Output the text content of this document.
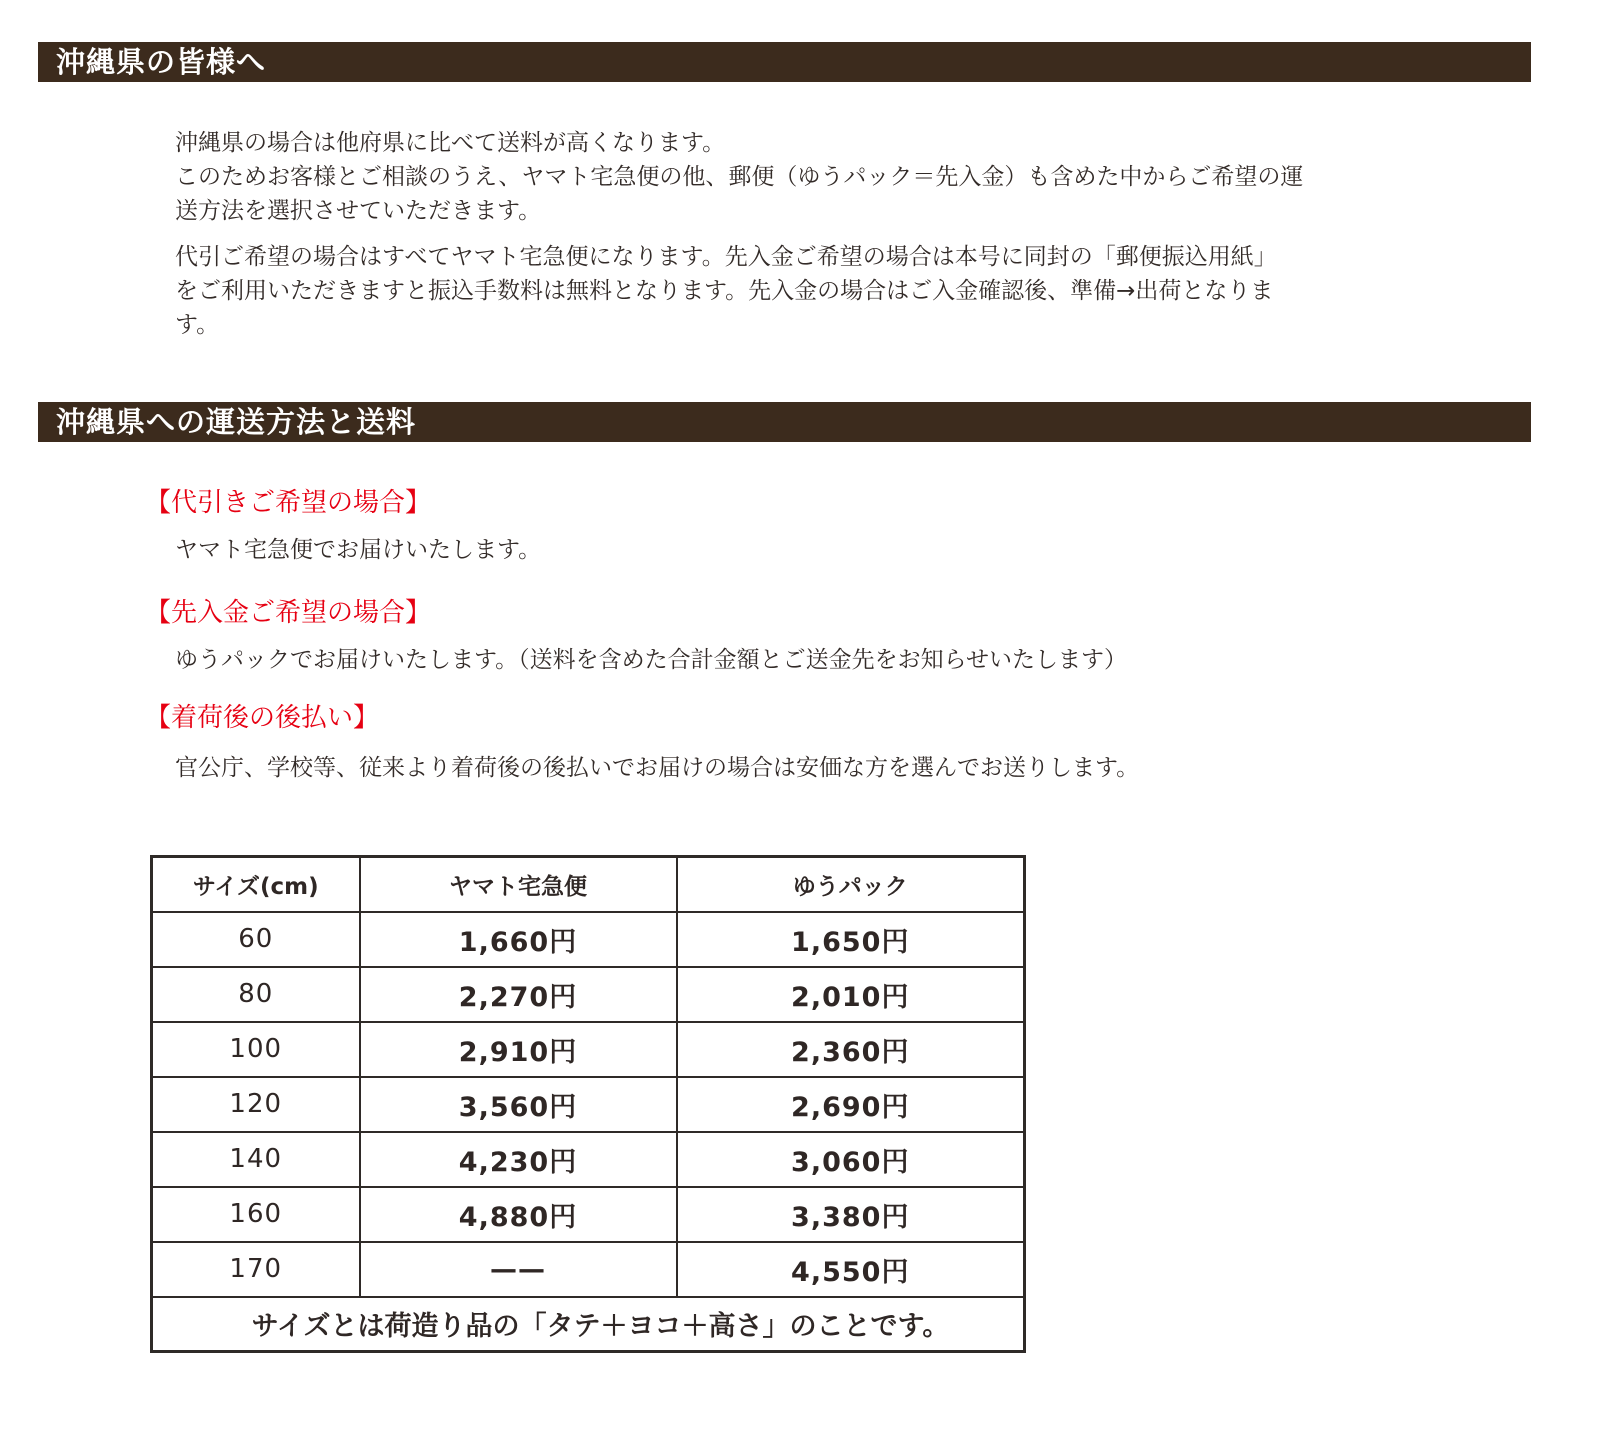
沖縄県の皆様へ
沖縄県の場合は他府県に比べて送料が高くなります。
このためお客様とご相談のうえ、ヤマト宅急便の他、郵便（ゆうパック＝先入金）も含めた中からご希望の運
送方法を選択させていただきます。
代引ご希望の場合はすべてヤマト宅急便になります。先入金ご希望の場合は本号に同封の「郵便振込用紙」
をご利用いただきますと振込手数料は無料となります。先入金の場合はご入金確認後、準備→出荷となりま
す。
沖縄県への運送方法と送料
【代引きご希望の場合】
ヤマト宅急便でお届けいたします。
【先入金ご希望の場合】
ゆうパックでお届けいたします。（送料を含めた合計金額とご送金先をお知らせいたします）
【着荷後の後払い】
官公庁、学校等、従来より着荷後の後払いでお届けの場合は安価な方を選んでお送りします。
サイズ(cm)	ヤマト宅急便	ゆうパック
60	1,660円	1,650円
80	2,270円	2,010円
100	2,910円	2,360円
120	3,560円	2,690円
140	4,230円	3,060円
160	4,880円	3,380円
170	——	4,550円
サイズとは荷造り品の「タテ＋ヨコ＋高さ」のことです。		
